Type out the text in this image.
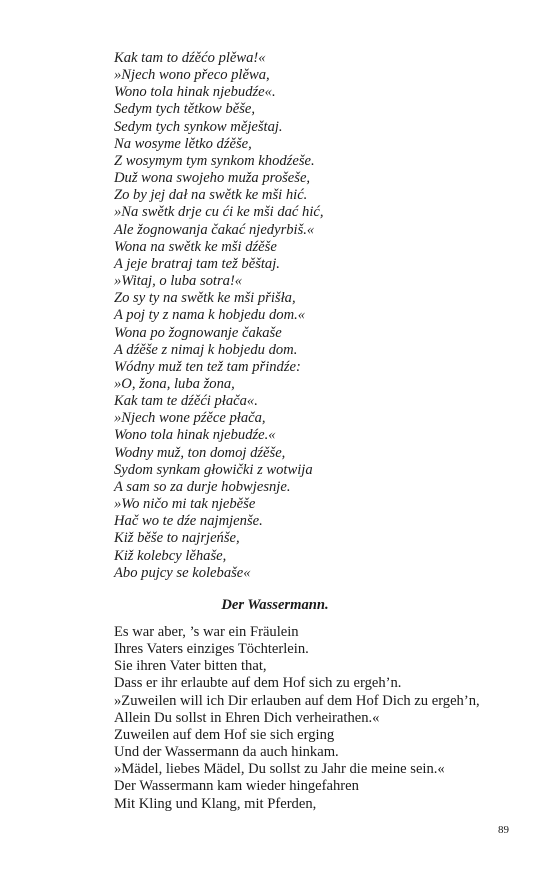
Kak tam to dźěćo plěwa!«
»Njech wono přeco plěwa,
Wono tola hinak njebudźe«.
Sedym tych tětkow běše,
Sedym tych synkow měještaj.
Na wosyme lětko dźěše,
Z wosymym tym synkom khodźeše.
Duž wona swojeho muža prošeše,
Zo by jej dał na swětk ke mši hić.
»Na swětk drje cu ći ke mši dać hić,
Ale žognowanja čakać njedyrbiš.«
Wona na swětk ke mši dźěše
A jeje bratraj tam tež běštaj.
»Witaj, o luba sotra!«
Zo sy ty na swětk ke mši přišła,
A poj ty z nama k hobjedu dom.«
Wona po žognowanje čakaše
A dźěše z nimaj k hobjedu dom.
Wódny muž ten tež tam přindźe:
»O, žona, luba žona,
Kak tam te dźěći płača«.
»Njech wone pźěce płača,
Wono tola hinak njebudźe.«
Wodny muž, ton domoj dźěše,
Sydom synkam głowički z wotwija
A sam so za durje hobwjesnje.
»Wo ničo mi tak njeběše
Hač wo te dźe najmjenše.
Kiž běše to najrjeńše,
Kiž kolebcy lěhaše,
Abo pujcy se kolebaše«
Der Wassermann.
Es war aber, ’s war ein Fräulein
Ihres Vaters einziges Töchterlein.
Sie ihren Vater bitten that,
Dass er ihr erlaubte auf dem Hof sich zu ergeh’n.
»Zuweilen will ich Dir erlauben auf dem Hof Dich zu ergeh’n,
Allein Du sollst in Ehren Dich verheirathen.«
Zuweilen auf dem Hof sie sich erging
Und der Wassermann da auch hinkam.
»Mädel, liebes Mädel, Du sollst zu Jahr die meine sein.«
Der Wassermann kam wieder hingefahren
Mit Kling und Klang, mit Pferden,
89
